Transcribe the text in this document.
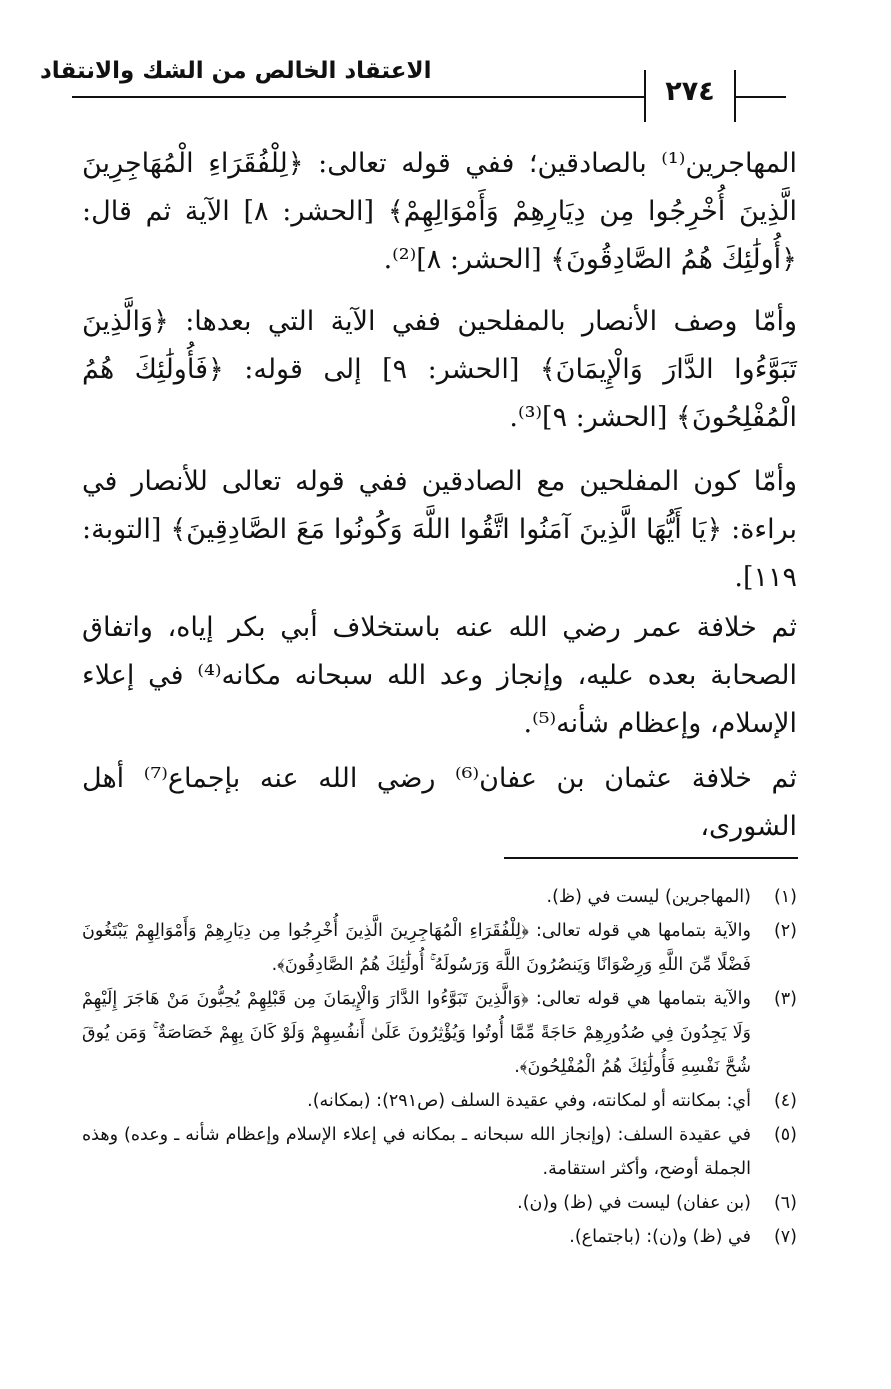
الاعتقاد الخالص من الشك والانتقاد
٢٧٤
المهاجرين⁽¹⁾ بالصادقين؛ ففي قوله تعالى: ﴿لِلْفُقَرَاءِ الْمُهَاجِرِينَ الَّذِينَ أُخْرِجُوا مِن دِيَارِهِمْ وَأَمْوَالِهِمْ﴾ [الحشر: ٨] الآية ثم قال: ﴿أُولَٰئِكَ هُمُ الصَّادِقُونَ﴾ [الحشر: ٨]⁽²⁾.
وأمّا وصف الأنصار بالمفلحين ففي الآية التي بعدها: ﴿وَالَّذِينَ تَبَوَّءُوا الدَّارَ وَالْإِيمَانَ﴾ [الحشر: ٩] إلى قوله: ﴿فَأُولَٰئِكَ هُمُ الْمُفْلِحُونَ﴾ [الحشر: ٩]⁽³⁾.
وأمّا كون المفلحين مع الصادقين ففي قوله تعالى للأنصار في براءة: ﴿يَا أَيُّهَا الَّذِينَ آمَنُوا اتَّقُوا اللَّهَ وَكُونُوا مَعَ الصَّادِقِينَ﴾ [التوبة: ١١٩].
ثم خلافة عمر رضي الله عنه باستخلاف أبي بكر إياه، واتفاق الصحابة بعده عليه، وإنجاز وعد الله سبحانه مكانه⁽⁴⁾ في إعلاء الإسلام، وإعظام شأنه⁽⁵⁾.
ثم خلافة عثمان بن عفان⁽⁶⁾ رضي الله عنه بإجماع⁽⁷⁾ أهل الشورى،
(١)
(المهاجرين) ليست في (ظ).
(٢)
والآية بتمامها هي قوله تعالى: ﴿لِلْفُقَرَاءِ الْمُهَاجِرِينَ الَّذِينَ أُخْرِجُوا مِن دِيَارِهِمْ وَأَمْوَالِهِمْ يَبْتَغُونَ فَضْلًا مِّنَ اللَّهِ وَرِضْوَانًا وَيَنصُرُونَ اللَّهَ وَرَسُولَهُ ۚ أُولَٰئِكَ هُمُ الصَّادِقُونَ﴾.
(٣)
والآية بتمامها هي قوله تعالى: ﴿وَالَّذِينَ تَبَوَّءُوا الدَّارَ وَالْإِيمَانَ مِن قَبْلِهِمْ يُحِبُّونَ مَنْ هَاجَرَ إِلَيْهِمْ وَلَا يَجِدُونَ فِي صُدُورِهِمْ حَاجَةً مِّمَّا أُوتُوا وَيُؤْثِرُونَ عَلَىٰ أَنفُسِهِمْ وَلَوْ كَانَ بِهِمْ خَصَاصَةٌ ۚ وَمَن يُوقَ شُحَّ نَفْسِهِ فَأُولَٰئِكَ هُمُ الْمُفْلِحُونَ﴾.
(٤)
أي: بمكانته أو لمكانته، وفي عقيدة السلف (ص٢٩١): (بمكانه).
(٥)
في عقيدة السلف: (وإنجاز الله سبحانه ـ بمكانه في إعلاء الإسلام وإعظام شأنه ـ وعده) وهذه الجملة أوضح، وأكثر استقامة.
(٦)
(بن عفان) ليست في (ظ) و(ن).
(٧)
في (ظ) و(ن): (باجتماع).
